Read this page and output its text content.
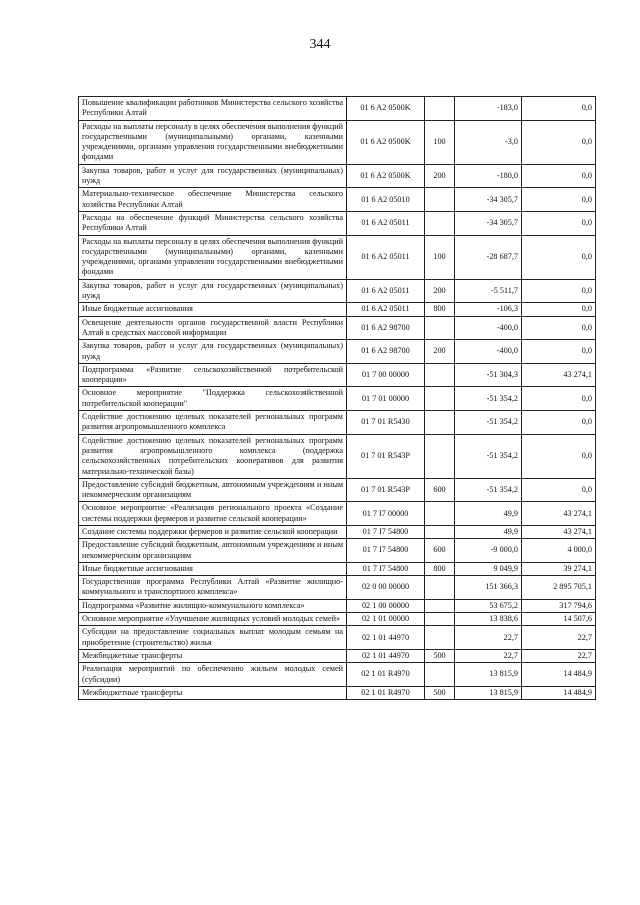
344
Повышение квалификации работников Министерства сельского хозяйства Республики Алтай	01 6 A2 0500K		-183,0	0,0
Расходы на выплаты персоналу в целях обеспечения выполнения функций государственными (муниципальными) органами, казенными учреждениями, органами управления государственными внебюджетными фондами	01 6 A2 0500K	100	-3,0	0,0
Закупка товаров, работ и услуг для государственных (муниципальных) нужд	01 6 A2 0500K	200	-180,0	0,0
Материально-техническое обеспечение Министерства сельского хозяйства Республики Алтай	01 6 A2 05010		-34 305,7	0,0
Расходы на обеспечение функций Министерства сельского хозяйства Республики Алтай	01 6 A2 05011		-34 305,7	0,0
Расходы на выплаты персоналу в целях обеспечения выполнения функций государственными (муниципальными) органами, казенными учреждениями, органами управления государственными внебюджетными фондами	01 6 A2 05011	100	-28 687,7	0,0
Закупка товаров, работ и услуг для государственных (муниципальных) нужд	01 6 A2 05011	200	-5 511,7	0,0
Иные бюджетные ассигнования	01 6 A2 05011	800	-106,3	0,0
Освещение деятельности органов государственной власти Республики Алтай в средствах массовой информации	01 6 A2 98700		-400,0	0,0
Закупка товаров, работ и услуг для государственных (муниципальных) нужд	01 6 A2 98700	200	-400,0	0,0
Подпрограмма «Развитие сельскохозяйственной потребительской кооперации»	01 7 00 00000		-51 304,3	43 274,1
Основное мероприятие "Поддержка сельскохозяйственной потребительской кооперации"	01 7 01 00000		-51 354,2	0,0
Содействие достижению целевых показателей региональных программ развития агропромышленного комплекса	01 7 01 R5430		-51 354,2	0,0
Содействие достижению целевых показателей региональных программ развития агропромышленного комплекса (поддержка сельскохозяйственных потребительских кооперативов для развития материально-технической базы)	01 7 01 R543P		-51 354,2	0,0
Предоставление субсидий бюджетным, автономным учреждениям и иным некоммерческим организациям	01 7 01 R543P	600	-51 354,2	0,0
Основное мероприятие «Реализация регионального проекта «Создание системы поддержки фермеров и развитие сельской кооперации»	01 7 I7 00000		49,9	43 274,1
Создание системы поддержки фермеров и развитие сельской кооперации	01 7 I7 54800		49,9	43 274,1
Предоставление субсидий бюджетным, автономным учреждениям и иным некоммерческим организациям	01 7 I7 54800	600	-9 000,0	4 000,0
Иные бюджетные ассигнования	01 7 I7 54800	800	9 049,9	39 274,1
Государственная программа Республики Алтай «Развитие жилищно-коммунального и транспортного комплекса»	02 0 00 00000		151 366,3	2 895 705,1
Подпрограмма «Развитие жилищно-коммунального комплекса»	02 1 00 00000		53 675,2	317 794,6
Основное мероприятие «Улучшение жилищных условий молодых семей»	02 1 01 00000		13 838,6	14 507,6
Субсидии на предоставление социальных выплат молодым семьям на приобретение (строительство) жилья	02 1 01 44970		22,7	22,7
Межбюджетные трансферты	02 1 01 44970	500	22,7	22,7
Реализация мероприятий по обеспечению жильем молодых семей (субсидии)	02 1 01 R4970		13 815,9	14 484,9
Межбюджетные трансферты	02 1 01 R4970	500	13 815,9	14 484,9
